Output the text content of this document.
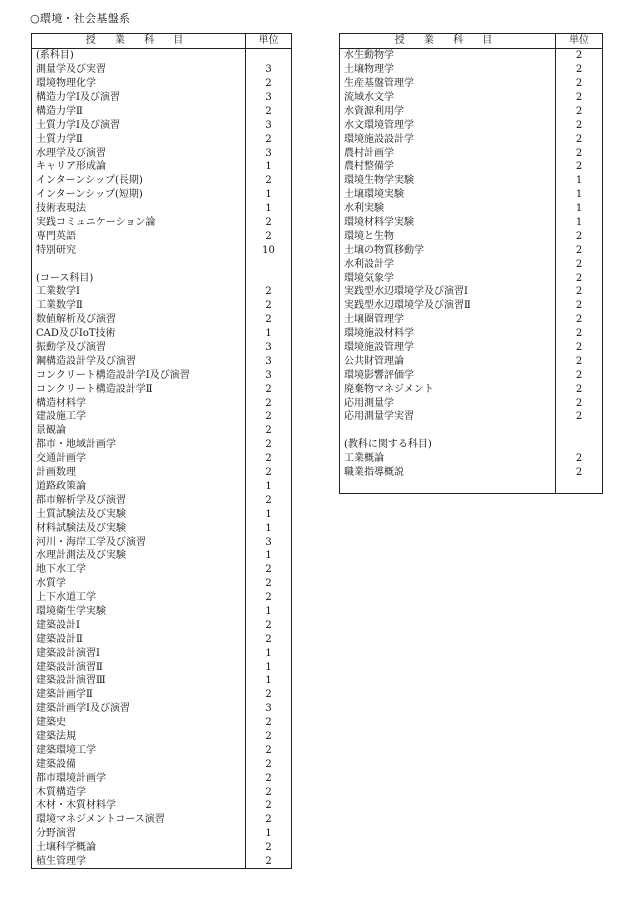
○環境・社会基盤系
授 業 科 目	単位
(系科目)	
測量学及び実習	3
環境物理化学	2
構造力学Ⅰ及び演習	3
構造力学Ⅱ	2
土質力学Ⅰ及び演習	3
土質力学Ⅱ	2
水理学及び演習	3
キャリア形成論	1
インターンシップ(長期)	2
インターンシップ(短期)	1
技術表現法	1
実践コミュニケーション論	2
専門英語	2
特別研究	10

(コース科目)	
工業数学Ⅰ	2
工業数学Ⅱ	2
数値解析及び演習	2
CAD及びIoT技術	1
振動学及び演習	3
鋼構造設計学及び演習	3
コンクリート構造設計学Ⅰ及び演習	3
コンクリート構造設計学Ⅱ	2
構造材料学	2
建設施工学	2
景観論	2
都市・地域計画学	2
交通計画学	2
計画数理	2
道路政策論	1
都市解析学及び演習	2
土質試験法及び実験	1
材料試験法及び実験	1
河川・海岸工学及び演習	3
水理計測法及び実験	1
地下水工学	2
水質学	2
上下水道工学	2
環境衛生学実験	1
建築設計Ⅰ	2
建築設計Ⅱ	2
建築設計演習Ⅰ	1
建築設計演習Ⅱ	1
建築設計演習Ⅲ	1
建築計画学Ⅱ	2
建築計画学Ⅰ及び演習	3
建築史	2
建築法規	2
建築環境工学	2
建築設備	2
都市環境計画学	2
木質構造学	2
木材・木質材料学	2
環境マネジメントコース演習	2
分野演習	1
土壌科学概論	2
植生管理学	2
授 業 科 目	単位
水生動物学	2
土壌物理学	2
生産基盤管理学	2
流域水文学	2
水資源利用学	2
水文環境管理学	2
環境施設設計学	2
農村計画学	2
農村整備学	2
環境生物学実験	1
土壌環境実験	1
水利実験	1
環境材料学実験	1
環境と生物	2
土壌の物質移動学	2
水利設計学	2
環境気象学	2
実践型水辺環境学及び演習Ⅰ	2
実践型水辺環境学及び演習Ⅱ	2
土壌圏管理学	2
環境施設材料学	2
環境施設管理学	2
公共財管理論	2
環境影響評価学	2
廃棄物マネジメント	2
応用測量学	2
応用測量学実習	2

(教科に関する科目)	
工業概論	2
職業指導概説	2
